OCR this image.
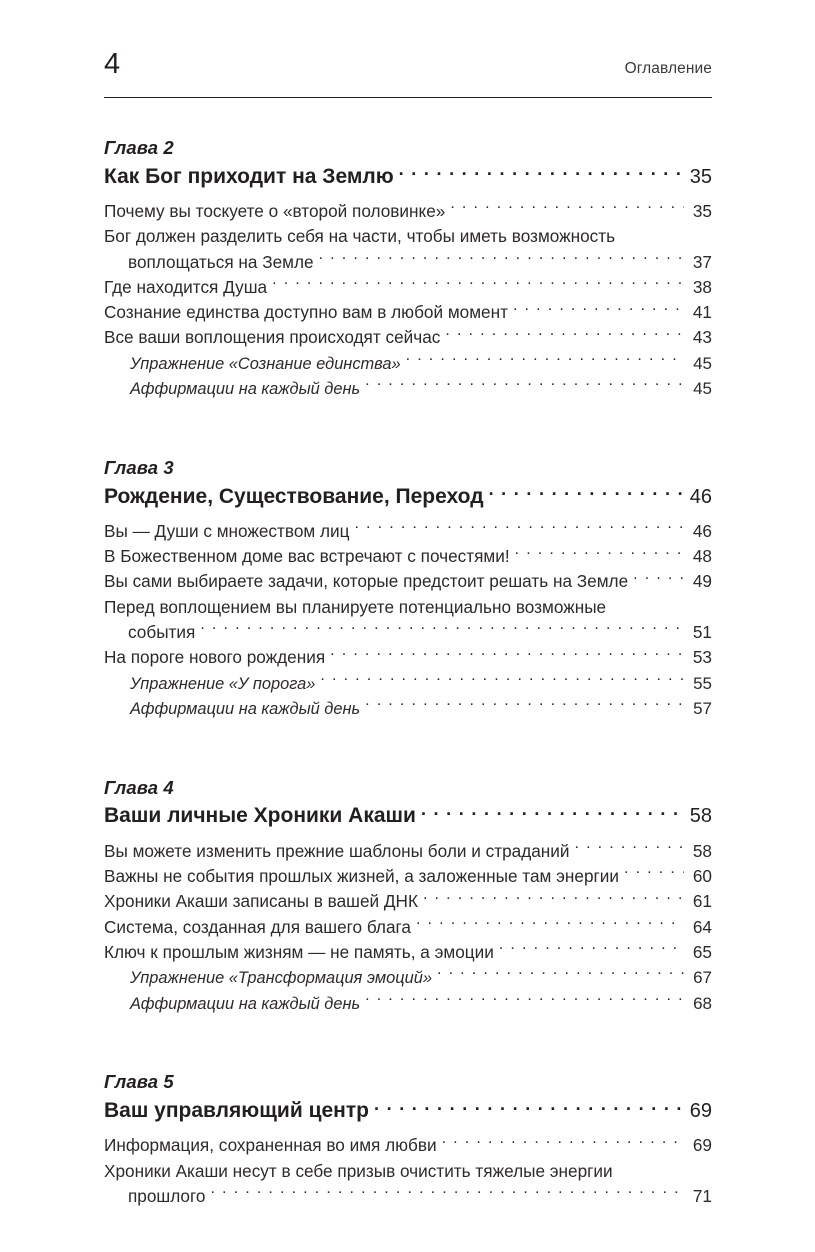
4	Оглавление
Глава 2
Как Бог приходит на Землю . . .	35
Почему вы тоскуете о «второй половинке» . . .	35
Бог должен разделить себя на части, чтобы иметь возможность
воплощаться на Земле . . .	37
Где находится Душа . . .	38
Сознание единства доступно вам в любой момент . . .	41
Все ваши воплощения происходят сейчас . . .	43
Упражнение «Сознание единства» . . .	45
Аффирмации на каждый день . . .	45
Глава 3
Рождение, Существование, Переход . . .	46
Вы — Души с множеством лиц . . .	46
В Божественном доме вас встречают с почестями! . . .	48
Вы сами выбираете задачи, которые предстоит решать на Земле . . .	49
Перед воплощением вы планируете потенциально возможные
события . . .	51
На пороге нового рождения . . .	53
Упражнение «У порога» . . .	55
Аффирмации на каждый день . . .	57
Глава 4
Ваши личные Хроники Акаши . . .	58
Вы можете изменить прежние шаблоны боли и страданий . . .	58
Важны не события прошлых жизней, а заложенные там энергии . . .	60
Хроники Акаши записаны в вашей ДНК . . .	61
Система, созданная для вашего блага . . .	64
Ключ к прошлым жизням — не память, а эмоции . . .	65
Упражнение «Трансформация эмоций» . . .	67
Аффирмации на каждый день . . .	68
Глава 5
Ваш управляющий центр . . .	69
Информация, сохраненная во имя любви . . .	69
Хроники Акаши несут в себе призыв очистить тяжелые энергии
прошлого . . .	71
